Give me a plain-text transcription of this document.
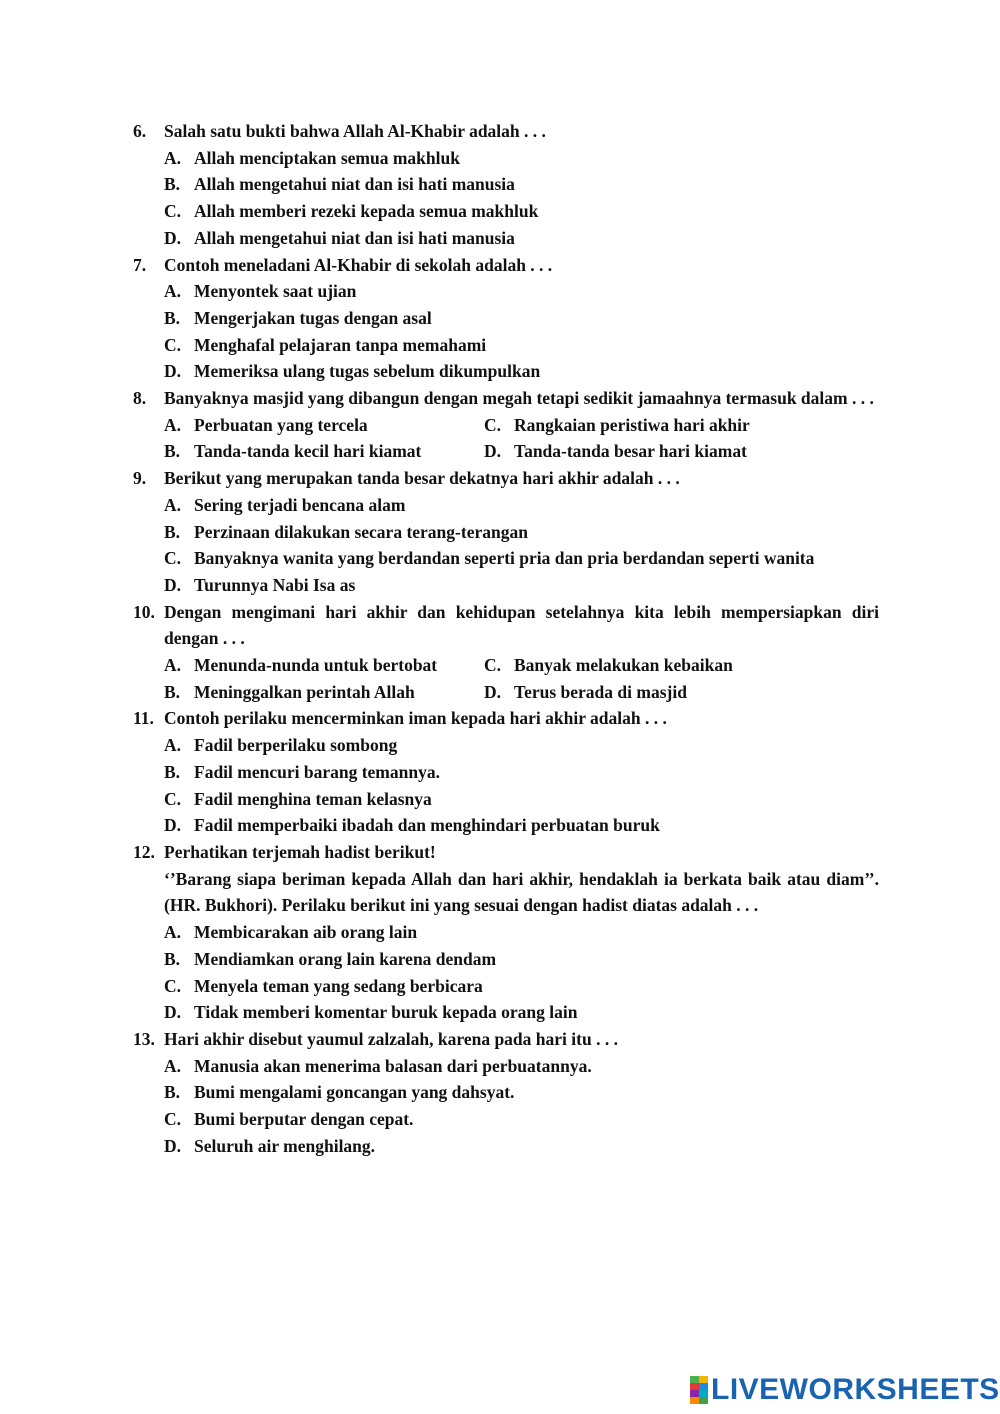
6.	Salah satu bukti bahwa Allah Al-Khabir adalah . . .
A. Allah menciptakan semua makhluk
B. Allah mengetahui niat dan isi hati manusia
C. Allah memberi rezeki kepada semua makhluk
D. Allah mengetahui niat dan isi hati manusia
7.	Contoh meneladani Al-Khabir di sekolah adalah . . .
A. Menyontek saat ujian
B. Mengerjakan tugas dengan asal
C. Menghafal pelajaran tanpa memahami
D. Memeriksa ulang tugas sebelum dikumpulkan
8.	Banyaknya masjid yang dibangun dengan megah tetapi sedikit jamaahnya termasuk dalam . . .
A. Perbuatan yang tercela	C. Rangkaian peristiwa hari akhir
B. Tanda-tanda kecil hari kiamat	D. Tanda-tanda besar hari kiamat
9.	Berikut yang merupakan tanda besar dekatnya hari akhir adalah . . .
A. Sering terjadi bencana alam
B. Perzinaan dilakukan secara terang-terangan
C. Banyaknya wanita yang berdandan seperti pria dan pria berdandan seperti wanita
D. Turunnya Nabi Isa as
10. Dengan mengimani hari akhir dan kehidupan setelahnya kita lebih mempersiapkan diri dengan . . .
A. Menunda-nunda untuk bertobat	C. Banyak melakukan kebaikan
B. Meninggalkan perintah Allah	D. Terus berada di masjid
11. Contoh perilaku mencerminkan iman kepada hari akhir adalah . . .
A. Fadil berperilaku sombong
B. Fadil mencuri barang temannya.
C. Fadil menghina teman kelasnya
D. Fadil memperbaiki ibadah dan menghindari perbuatan buruk
12. Perhatikan terjemah hadist berikut!
‘’Barang siapa beriman kepada Allah dan hari akhir, hendaklah ia berkata baik atau diam’’.(HR. Bukhori). Perilaku berikut ini yang sesuai dengan hadist diatas adalah . . .
A. Membicarakan aib orang lain
B. Mendiamkan orang lain karena dendam
C. Menyela teman yang sedang berbicara
D. Tidak memberi komentar buruk kepada orang lain
13. Hari akhir disebut yaumul zalzalah, karena pada hari itu . . .
A. Manusia akan menerima balasan dari perbuatannya.
B. Bumi mengalami goncangan yang dahsyat.
C. Bumi berputar dengan cepat.
D. Seluruh air menghilang.
LIVEWORKSHEETS
